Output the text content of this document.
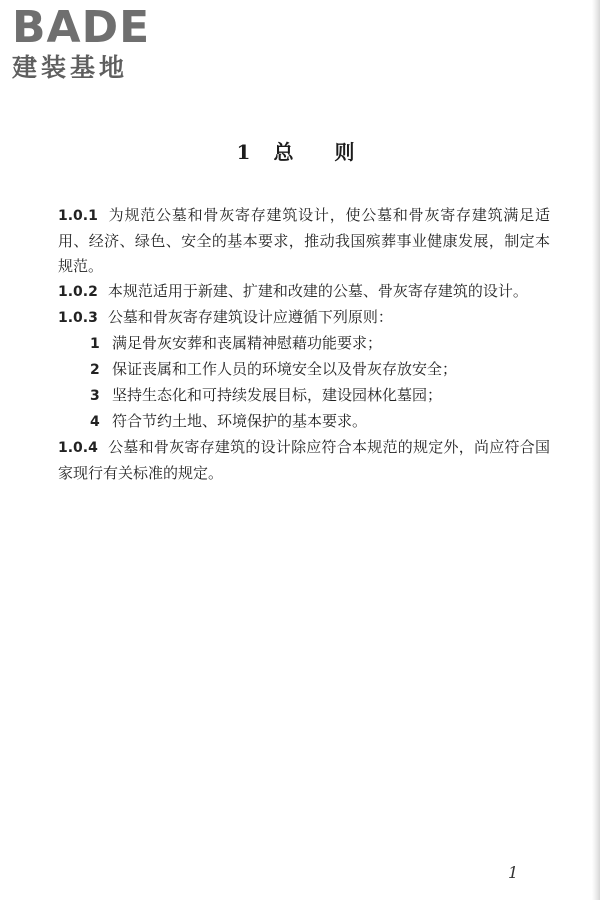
BADE
建装基地
1 总 则

1.0.1 为规范公墓和骨灰寄存建筑设计，使公墓和骨灰寄存建筑满足适用、经济、绿色、安全的基本要求，推动我国殡葬事业健康发展，制定本规范。

1.0.2 本规范适用于新建、扩建和改建的公墓、骨灰寄存建筑的设计。

1.0.3 公墓和骨灰寄存建筑设计应遵循下列原则：

1 满足骨灰安葬和丧属精神慰藉功能要求；

2 保证丧属和工作人员的环境安全以及骨灰存放安全；

3 坚持生态化和可持续发展目标，建设园林化墓园；

4 符合节约土地、环境保护的基本要求。

1.0.4 公墓和骨灰寄存建筑的设计除应符合本规范的规定外，尚应符合国家现行有关标准的规定。

1
